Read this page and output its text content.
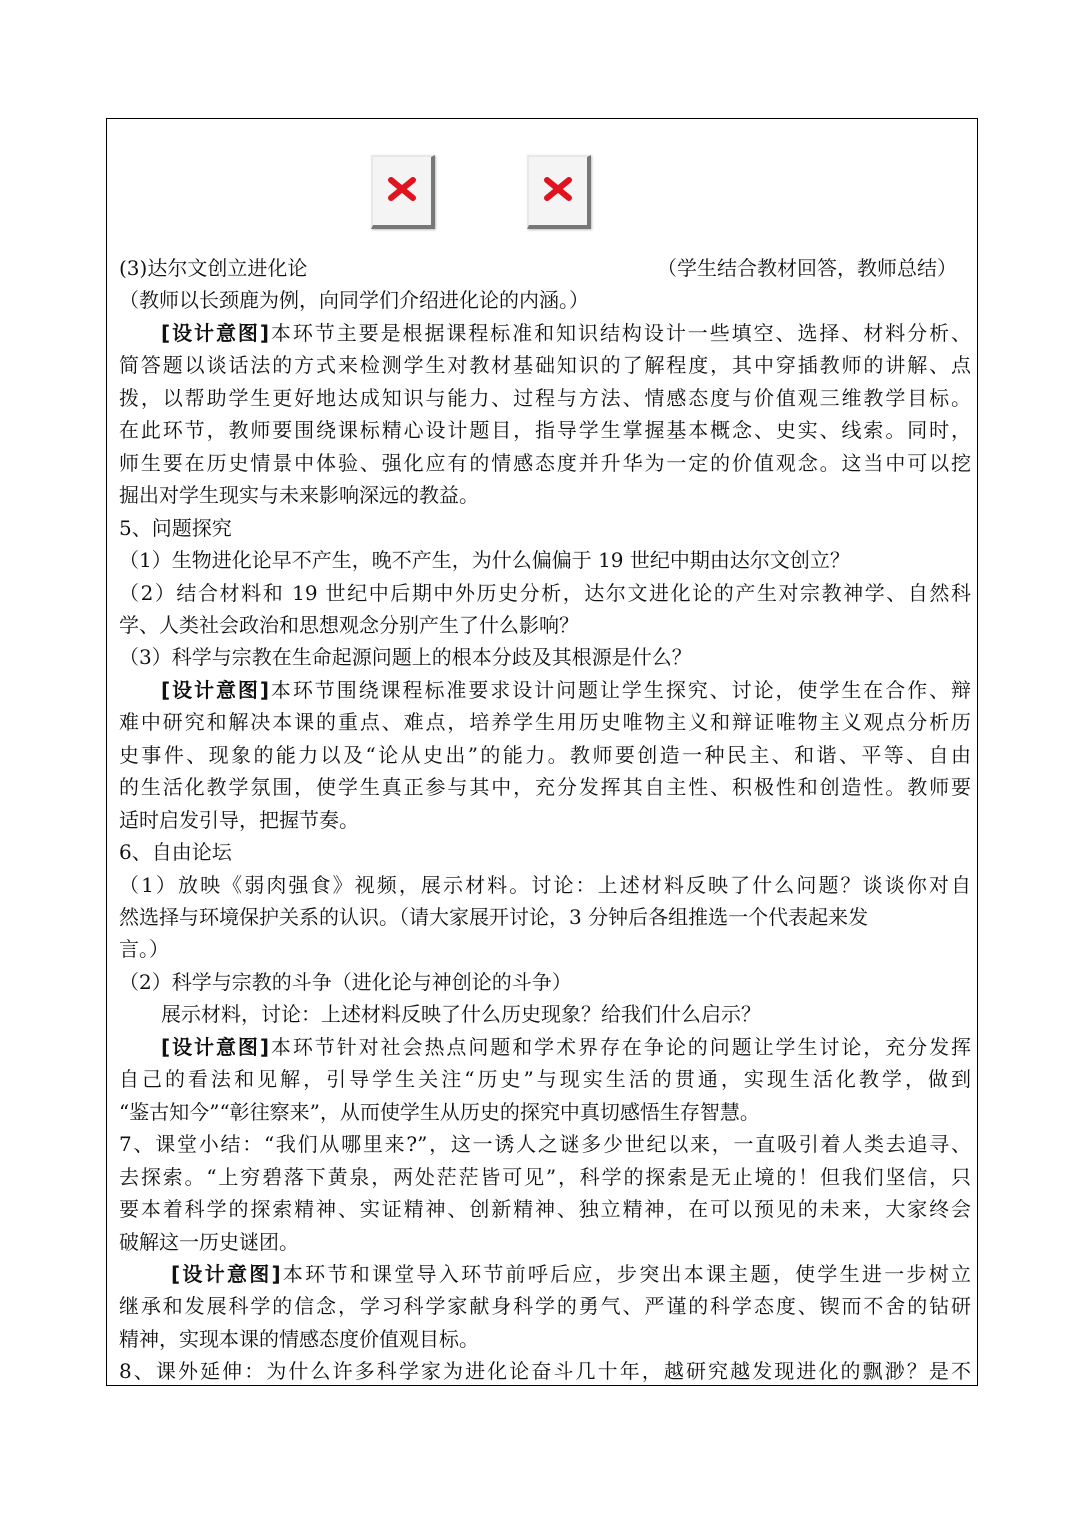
(3)达尔文创立进化论	（学生结合教材回答，教师总结）
（教师以长颈鹿为例，向同学们介绍进化论的内涵。）
[设计意图]本环节主要是根据课程标准和知识结构设计一些填空、选择、材料分析、
简答题以谈话法的方式来检测学生对教材基础知识的了解程度，其中穿插教师的讲解、点
拨，以帮助学生更好地达成知识与能力、过程与方法、情感态度与价值观三维教学目标。
在此环节，教师要围绕课标精心设计题目，指导学生掌握基本概念、史实、线索。同时，
师生要在历史情景中体验、强化应有的情感态度并升华为一定的价值观念。这当中可以挖
掘出对学生现实与未来影响深远的教益。
5、问题探究
（1）生物进化论早不产生，晚不产生，为什么偏偏于 19 世纪中期由达尔文创立？
（2）结合材料和 19 世纪中后期中外历史分析，达尔文进化论的产生对宗教神学、自然科
学、人类社会政治和思想观念分别产生了什么影响？
（3）科学与宗教在生命起源问题上的根本分歧及其根源是什么？
[设计意图]本环节围绕课程标准要求设计问题让学生探究、讨论，使学生在合作、辩
难中研究和解决本课的重点、难点，培养学生用历史唯物主义和辩证唯物主义观点分析历
史事件、现象的能力以及“论从史出”的能力。教师要创造一种民主、和谐、平等、自由
的生活化教学氛围，使学生真正参与其中，充分发挥其自主性、积极性和创造性。教师要
适时启发引导，把握节奏。
6、自由论坛
（1）放映《弱肉强食》视频，展示材料。讨论：上述材料反映了什么问题？谈谈你对自
然选择与环境保护关系的认识。（请大家展开讨论，3 分钟后各组推选一个代表起来发
言。）
（2）科学与宗教的斗争（进化论与神创论的斗争）
展示材料，讨论：上述材料反映了什么历史现象？给我们什么启示？
[设计意图]本环节针对社会热点问题和学术界存在争论的问题让学生讨论，充分发挥
自己的看法和见解，引导学生关注“历史”与现实生活的贯通，实现生活化教学，做到
“鉴古知今”“彰往察来”，从而使学生从历史的探究中真切感悟生存智慧。
7、课堂小结：“我们从哪里来?”，这一诱人之谜多少世纪以来，一直吸引着人类去追寻、
去探索。“上穷碧落下黄泉，两处茫茫皆可见”，科学的探索是无止境的！但我们坚信，只
要本着科学的探索精神、实证精神、创新精神、独立精神，在可以预见的未来，大家终会
破解这一历史谜团。
[设计意图]本环节和课堂导入环节前呼后应，步突出本课主题，使学生进一步树立
继承和发展科学的信念，学习科学家献身科学的勇气、严谨的科学态度、锲而不舍的钻研
精神，实现本课的情感态度价值观目标。
8、课外延伸：为什么许多科学家为进化论奋斗几十年，越研究越发现进化的飘渺？是不
